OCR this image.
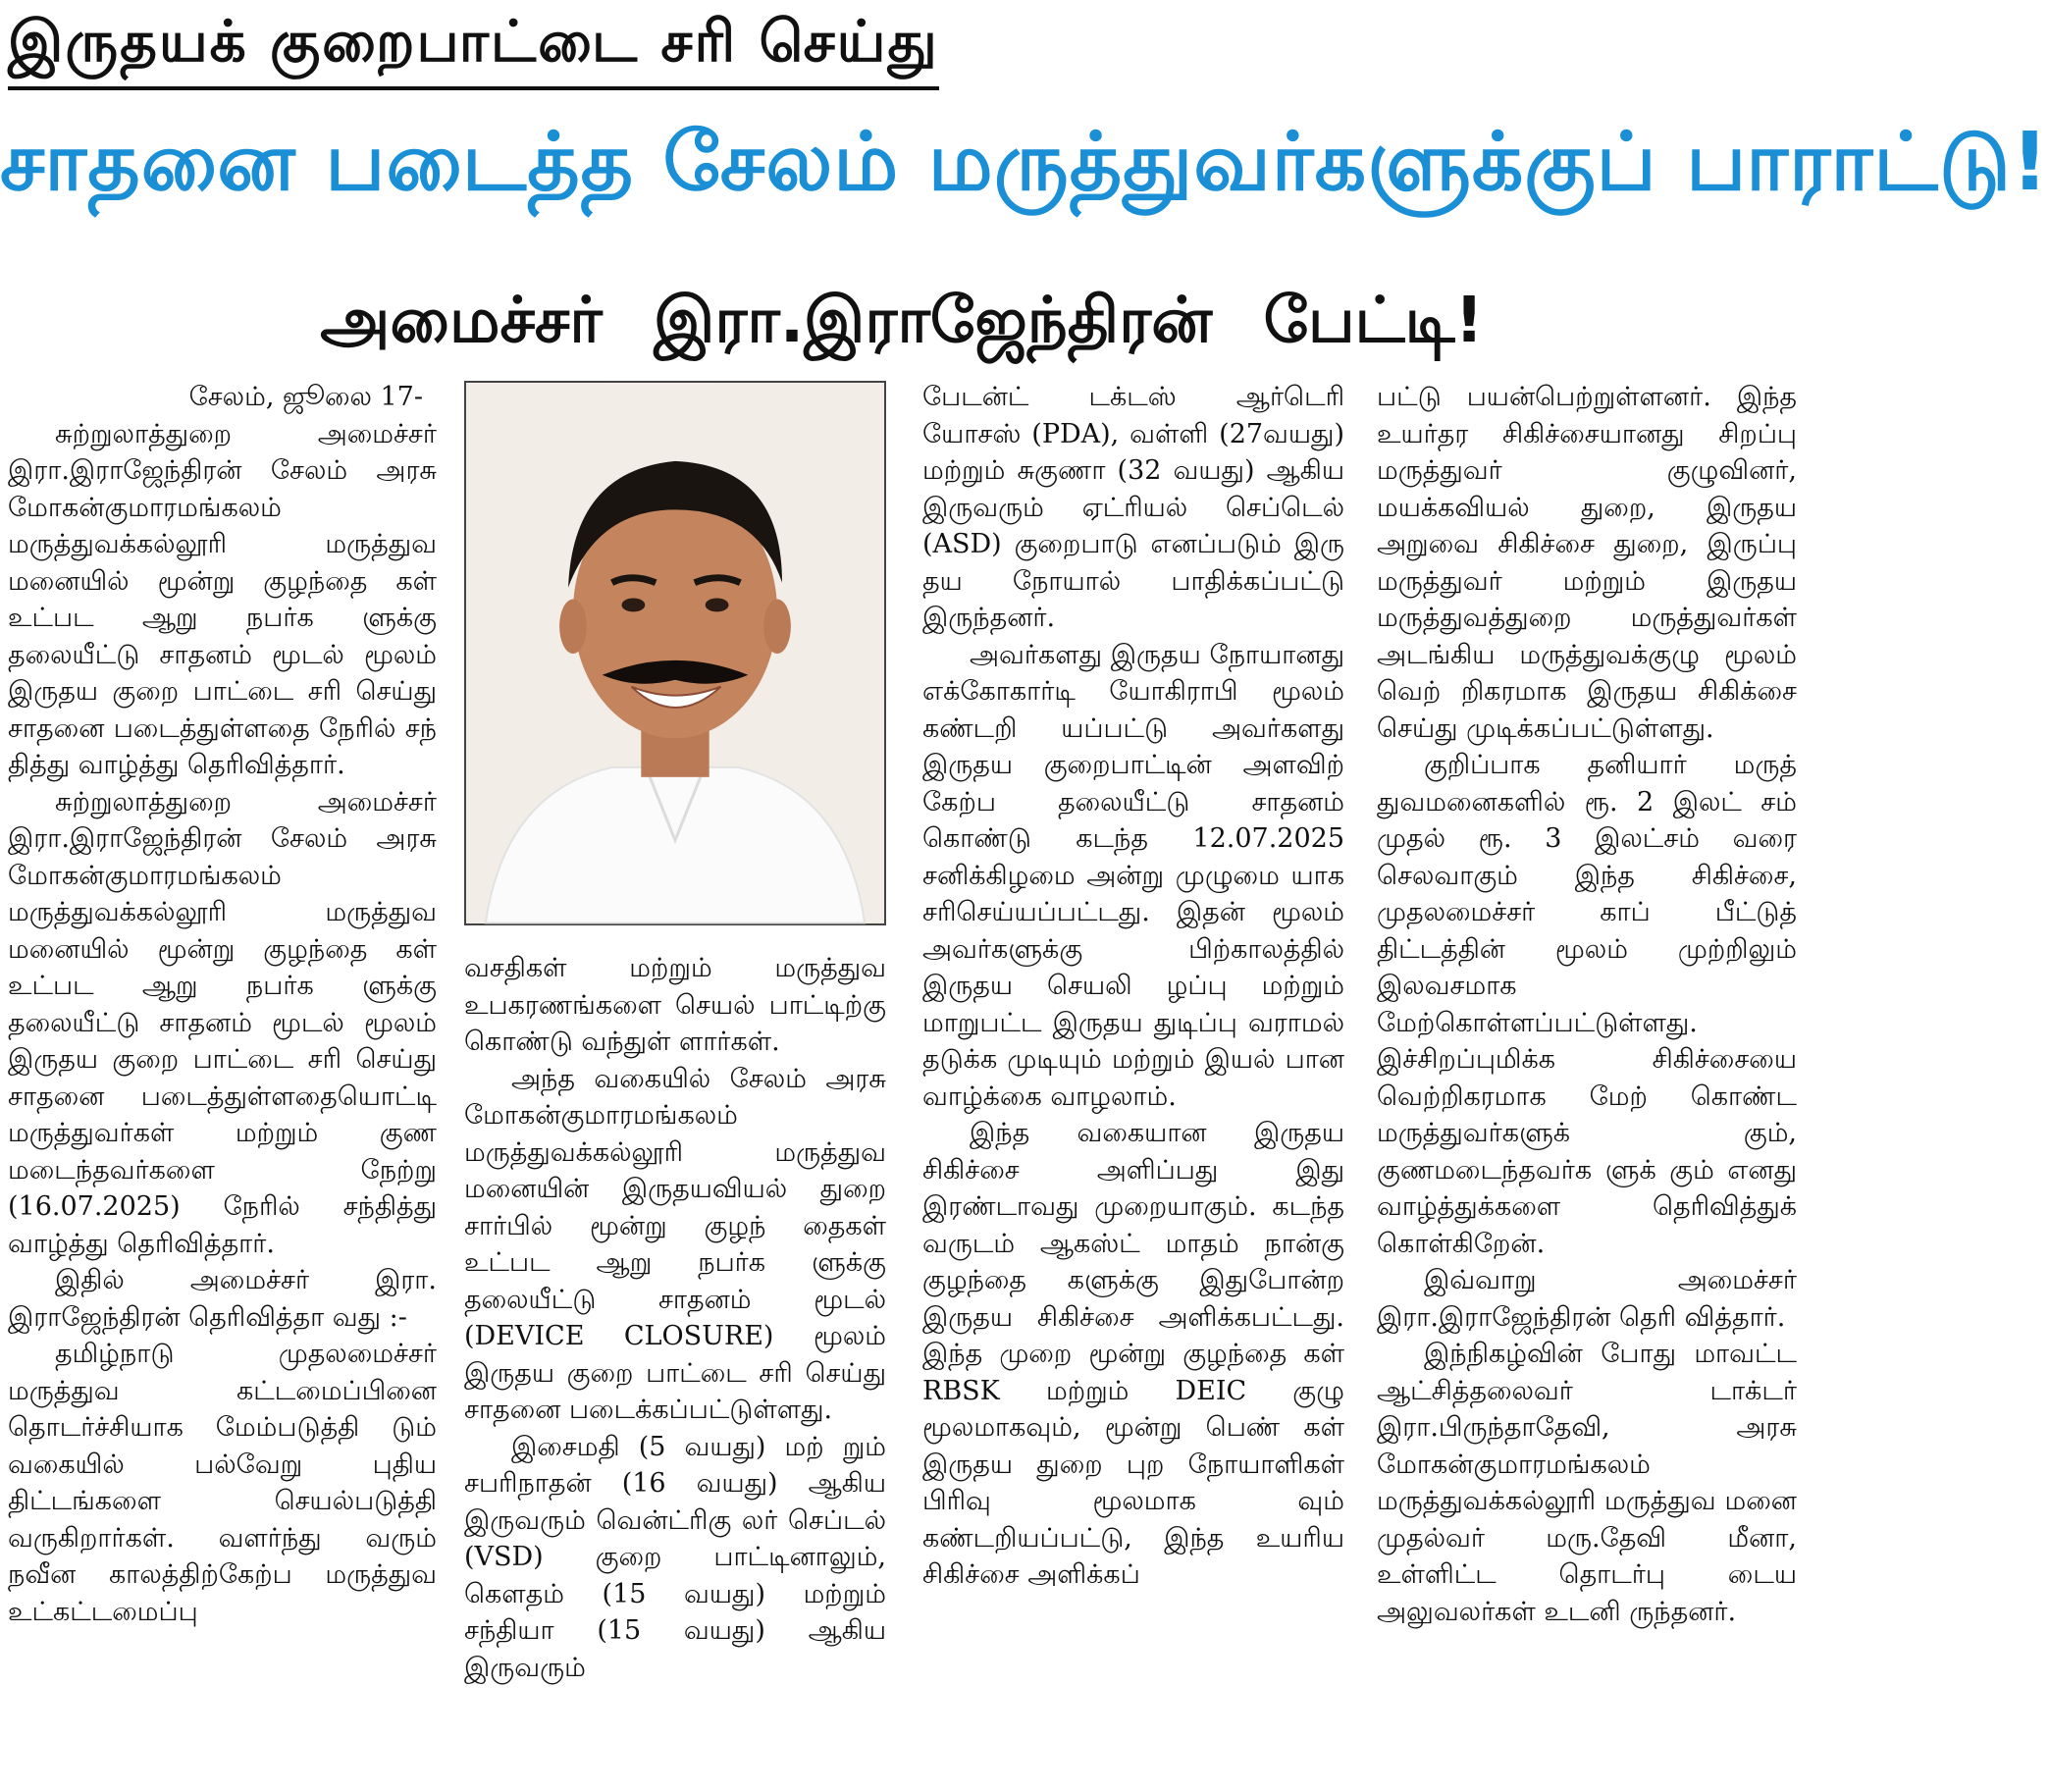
இருதயக் குறைபாட்டை சரி செய்து
சாதனை படைத்த சேலம் மருத்துவர்களுக்குப் பாராட்டு!
அமைச்சர் இரா.இராஜேந்திரன் பேட்டி!

சேலம், ஜூலை 17-

சுற்றுலாத்துறை அமைச்சர் இரா.இராஜேந்திரன் சேலம் அரசு மோகன்குமாரமங்கலம் மருத்துவக்கல்லூரி மருத்துவ மனையில் மூன்று குழந்தை கள் உட்பட ஆறு நபர்க ளுக்கு தலையீட்டு சாதனம் மூடல் மூலம் இருதய குறை பாட்டை சரி செய்து சாதனை படைத்துள்ளதை நேரில் சந் தித்து வாழ்த்து தெரிவித்தார்.

சுற்றுலாத்துறை அமைச்சர் இரா.இராஜேந்திரன் சேலம் அரசு மோகன்குமாரமங்கலம் மருத்துவக்கல்லூரி மருத்துவ மனையில் மூன்று குழந்தை கள் உட்பட ஆறு நபர்க ளுக்கு தலையீட்டு சாதனம் மூடல் மூலம் இருதய குறை பாட்டை சரி செய்து சாதனை படைத்துள்ளதையொட்டி மருத்துவர்கள் மற்றும் குண மடைந்தவர்களை நேற்று (16.07.2025) நேரில் சந்தித்து வாழ்த்து தெரிவித்தார்.

இதில் அமைச்சர் இரா. இராஜேந்திரன் தெரிவித்தா வது :-

தமிழ்நாடு முதலமைச்சர் மருத்துவ கட்டமைப்பினை தொடர்ச்சியாக மேம்படுத்தி டும் வகையில் பல்வேறு புதிய திட்டங்களை செயல்படுத்தி வருகிறார்கள். வளர்ந்து வரும் நவீன காலத்திற்கேற்ப மருத்துவ உட்கட்டமைப்பு

வசதிகள் மற்றும் மருத்துவ உபகரணங்களை செயல் பாட்டிற்கு கொண்டு வந்துள் ளார்கள்.

அந்த வகையில் சேலம் அரசு மோகன்குமாரமங்கலம் மருத்துவக்கல்லூரி மருத்துவ மனையின் இருதயவியல் துறை சார்பில் மூன்று குழந் தைகள் உட்பட ஆறு நபர்க ளுக்கு தலையீட்டு சாதனம் மூடல் (DEVICE CLOSURE) மூலம் இருதய குறை பாட்டை சரி செய்து சாதனை படைக்கப்பட்டுள்ளது.

இசைமதி (5 வயது) மற் றும் சபரிநாதன் (16 வயது) ஆகிய இருவரும் வென்ட்ரிகு லர் செப்டல் (VSD) குறை பாட்டினாலும், கௌதம் (15 வயது) மற்றும் சந்தியா (15 வயது) ஆகிய இருவரும்

பேடன்ட் டக்டஸ் ஆர்டெரி யோசஸ் (PDA), வள்ளி (27வயது) மற்றும் சுகுணா (32 வயது) ஆகிய இருவரும் ஏட்ரியல் செப்டெல் (ASD) குறைபாடு எனப்படும் இரு தய நோயால் பாதிக்கப்பட்டு இருந்தனர்.

அவர்களது இருதய நோயானது எக்கோகார்டி யோகிராபி மூலம் கண்டறி யப்பட்டு அவர்களது இருதய குறைபாட்டின் அளவிற் கேற்ப தலையீட்டு சாதனம் கொண்டு கடந்த 12.07.2025 சனிக்கிழமை அன்று முழுமை யாக சரிசெய்யப்பட்டது. இதன் மூலம் அவர்களுக்கு பிற்காலத்தில் இருதய செயலி ழப்பு மற்றும் மாறுபட்ட இருதய துடிப்பு வராமல் தடுக்க முடியும் மற்றும் இயல் பான வாழ்க்கை வாழலாம்.

இந்த வகையான இருதய சிகிச்சை அளிப்பது இது இரண்டாவது முறையாகும். கடந்த வருடம் ஆகஸ்ட் மாதம் நான்கு குழந்தை களுக்கு இதுபோன்ற இருதய சிகிச்சை அளிக்கபட்டது. இந்த முறை மூன்று குழந்தை கள் RBSK மற்றும் DEIC குழு மூலமாகவும், மூன்று பெண் கள் இருதய துறை புற நோயாளிகள் பிரிவு மூலமாக வும் கண்டறியப்பட்டு, இந்த உயரிய சிகிச்சை அளிக்கப்

பட்டு பயன்பெற்றுள்ளனர். இந்த உயர்தர சிகிச்சையானது சிறப்பு மருத்துவர் குழுவினர், மயக்கவியல் துறை, இருதய அறுவை சிகிச்சை துறை, இருப்பு மருத்துவர் மற்றும் இருதய மருத்துவத்துறை மருத்துவர்கள் அடங்கிய மருத்துவக்குழு மூலம் வெற் றிகரமாக இருதய சிகிக்சை செய்து முடிக்கப்பட்டுள்ளது.

குறிப்பாக தனியார் மருத் துவமனைகளில் ரூ. 2 இலட் சம் முதல் ரூ. 3 இலட்சம் வரை செலவாகும் இந்த சிகிச்சை, முதலமைச்சர் காப் பீட்டுத் திட்டத்தின் மூலம் முற்றிலும் இலவசமாக மேற்கொள்ளப்பட்டுள்ளது. இச்சிறப்புமிக்க சிகிச்சையை வெற்றிகரமாக மேற் கொண்ட மருத்துவர்களுக் கும், குணமடைந்தவர்க ளுக் கும் எனது வாழ்த்துக்களை தெரிவித்துக் கொள்கிறேன்.

இவ்வாறு அமைச்சர் இரா.இராஜேந்திரன் தெரி வித்தார்.

இந்நிகழ்வின் போது மாவட்ட ஆட்சித்தலைவர் டாக்டர் இரா.பிருந்தாதேவி, அரசு மோகன்குமாரமங்கலம் மருத்துவக்கல்லூரி மருத்துவ மனை முதல்வர் மரு.தேவி மீனா, உள்ளிட்ட தொடர்பு டைய அலுவலர்கள் உடனி ருந்தனர்.
